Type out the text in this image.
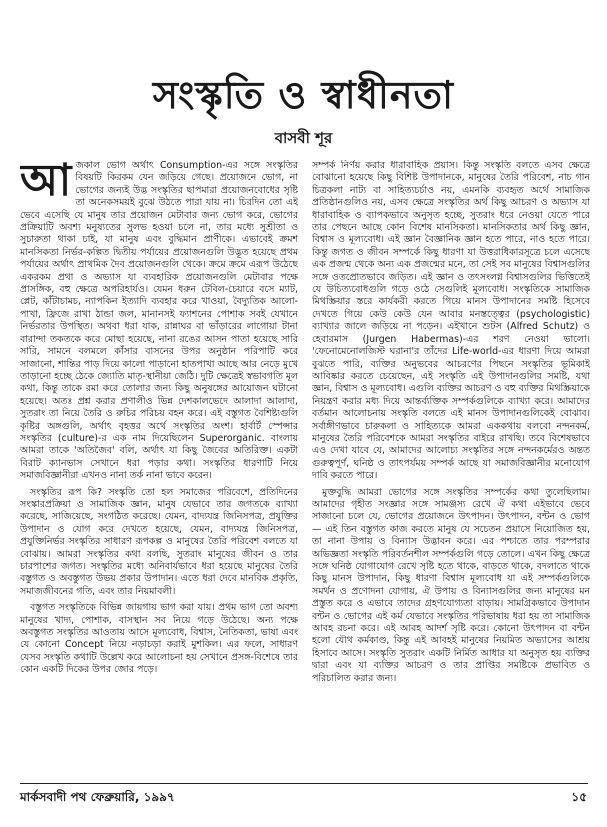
সংস্কৃতি ও স্বাধীনতা
বাসবী শূর

আ জকাল ভোগ অর্থাৎ Consumption-এর সঙ্গে সংস্কৃতির বিষয়টি কিরকম যেন জড়িয়ে গেছে। প্রয়োজনে ভোগ, না ভোগের জন্যই উদ্ভ সংস্কৃতির ছাপমারা প্রয়োজনবোধের সৃষ্টি তা অনেকসময়ই বুঝে উঠতে পারা যায় না। চিরদিন তো এই ভেবে এসেছি যে মানুষ তার প্রয়োজন মেটাবার জন্য ভোগ করে, ভোগের প্রক্রিয়াটি অবশ্য মনুষ্যতের সুলভ হওয়া চলে না, তার মধ্যে সুশ্রীতা ও সুচারুতা থাকা চাই, যা মানুষ এবং বুদ্ধিমান প্রাণীকে। এভাবেই ক্রমশ মানসিকতা নির্ভর-কল্পিত দ্বিতীয় পর্যায়ের প্রয়োজনগুলি উদ্ভূত হয়েছে প্রথম পর্যায়ের অর্থাৎ প্রাথমিক দৈব প্রয়োজনগুলি থেকে। ক্রমে ক্রমে এরূপ উঠেছে একরকম প্রথা ও অভ্যাস যা ব্যবহারিক প্রয়োজনগুলি মেটাবার পক্ষে প্রাসঙ্গিক, বহু ক্ষেত্রে অপরিহার্যও। যেমন ধরুন টেবিল-চেয়ারে বসে ম্যাট, প্লেট, কাঁটাচামচ, ন্যাপকিন ইত্যাদি ব্যবহার করে খাওয়া, বৈদ্যুতিক আলো-পাখা, ফ্রিজে রাখা ঠান্ডা জল, মানানসই ফ্যাশনের পোশাক সবই যেখানে নির্ভরতার উপস্থিত। অথবা ধরা যাক, রান্নাঘর বা ভাঁড়ারের লাগোয়া টানা বারান্দা তকতকে করে মোছা হয়েছে, নানা রঙের আসন পাতা হয়েছে সারি সারি, সামনে বলমলে কাঁসার বাসনের উপর অনুষ্ঠান পরিপাটি করে সাজানো, শান্তির পাড় দিয়ে কালো পাড়ানো হাতপাখা আছে আর নেড়ে মুখে তাড়ানো হচ্ছে ঠেকে জ্যোতি মাতৃ-স্থানীয়া জেঠি। দুটি ক্ষেত্রেই স্বভাবগতি মূল কথা, কিন্তু তাকে রমা করে তোলার জন্য কিছু অনুষঙ্গের আয়োজন ঘটানো হয়েছে। অতঃ প্রশ্ন করার প্রণালীও ভিন্ন দেশকালভেদে আলাদা আলাদা, সুতরাং তা নিয়ে তৈরি ও রুচির পরিচয় বহন করে। এই বস্তুগত বৈশিষ্ট্যগুলি কৃষ্টির অঙ্গগুলি, অর্থাৎ বৃহত্তর অর্থে সংস্কৃতির অংশ। হার্বার্ট স্পেন্সার সংস্কৃতির (culture)-র এক নাম দিয়েছিলেন Superorganic. বাংলায় আমরা তাকে 'অতিজৈব' বলি, অর্থাৎ যা কিছু জৈবের অতিরিক্ত। একটা বিরাট ক্যানভাস সেখানে ধরা পড়ার কথা। সংস্কৃতির ধারণাটি নিয়ে সমাজবিজ্ঞানীরা এখনও নানা তর্ক নানা ভাবে করেন।

সংস্কৃতির রূপ কি? সংস্কৃতি তো হল সমাজের পরিবেশে, প্রতিদিনের সংস্কারপ্রক্রিয়া ও সামাজিক জ্ঞান, মানুষ যেভাবে তার জগতকে ব্যাখ্যা করেছে, সাজিয়েছে, সংগঠিত করেছে। যেমন, বাদ্যযন্ত্র জিনিসপত্র, প্রযুক্তির উপাদান ও যোগ করে দেখতে হয়েছে, যেমন, বাদ্যযন্ত্র জিনিসপত্র, প্রযুক্তিনির্ভর সংস্কৃতির সাধারণ রূপকল্প ও মানুষের তৈরি পরিবেশ বলতে যা বোঝায়। আমরা সংস্কৃতির কথা বলছি, সুতরাং মানুষের জীবন ও তার চারপাশের জগত। সংস্কৃতির মধ্যে অনিবার্যভাবে ধরা হয়েছে মানুষের তৈরি বস্তুগত ও অবস্তুগত উভয় প্রকার উপাদান। এতে ধরা দেবে মানবিক প্রকৃতি, সমাজজীবনের গতি, এবং তার নিয়মাবলী।

বস্তুগত সংস্কৃতিকে বিভিন্ন জায়গায় ভাগ করা যায়। প্রথম ভাগ তো অবশ্য মানুষের খাদ্য, পোশাক, বাসস্থান সব নিয়ে গড়ে উঠেছে। অন্য পক্ষে অবস্তুগত সংস্কৃতির আওতায় আসে মূল্যবোধ, বিশ্বাস, নৈতিকতা, ভাষা এবং যে কোনো Concept নিয়ে নড়াচড়া করাই মুশকিল। এর ফলে, সাধারণ যেসব সংস্কৃতি কথাটি উল্লেখ করে আলোচনা হয় সেখানে প্রসঙ্গ-বিশেষে তার কোন একটি দিকের উপর জোর পড়ে।

সম্পর্ক নির্ণয় করার ধারাবাহিক প্রয়াস। কিন্তু সংস্কৃতি বলতে এসব ক্ষেত্রে বোঝানো হয়েছে কিছু বিশিষ্ট উপাদানকে, মানুষের তৈরি পরিবেশ, নাচ গান চিত্রকলা নাট্য বা সাহিত্যচর্চাও নয়, এমনকি ব্যবহৃত অর্থে সামাজিক প্রতিষ্ঠানগুলিও নয়, এসব ক্ষেত্রে সংস্কৃতির অর্থ কিছু আচরণ ও অভ্যাস যা ধারাবাহিক ও ব্যাপকভাবে অনুসৃত হচ্ছে, সুতরাং ধরে নেওয়া যেতে পারে তার পেছনে আছে কোন বিশেষ মানসিকতা। মানসিকতার অর্থ কিছু জ্ঞান, বিশ্বাস ও মূল্যবোধ। এই জ্ঞান বৈজ্ঞানিক জ্ঞান হতে পারে, নাও হতে পারে। কিন্তু জগত ও জীবন সম্পর্কে কিছু ধারণা যা উত্তরাধিকারসূত্রে চলে এসেছে এক প্রজন্ম থেকে অন্য এক প্রজন্মের মনে, তা সেই সব মানুষের বিশ্বাসগুলির সঙ্গে ওতপ্রোতভাবে জড়িত। এই জ্ঞান ও তৎসংলগ্ন বিশ্বাসগুলির ভিত্তিতেই যে উচিত্যবোধগুলি গড়ে ওঠে সেগুলিই মূল্যবোধ। সংস্কৃতিকে সামাজিক মিথস্ক্রিয়ার স্তরে কার্যকরী করতে গিয়ে মানস উপাদানের সমষ্টি হিসেবে দেখতে গিয়ে কেউ কেউ যেন আবার মনস্তত্ত্বের (psychologistic) ব্যাখ্যার জালে জড়িয়ে না পড়েন। এইখানে শুটস (Alfred Schutz) ও হেবারমাস (Jurgen Habermas)-এর শরণ নেওয়া ভালো। 'ফেনোমেনোলজিস্ট ঘরানা'র তাঁদের Life-world-এর ধারণা দিয়ে আমরা বুঝতে পারি, ব্যক্তির অনুভবের আচরণের পিছনে সংস্কৃতির ভূমিকাই আবিষ্কার করতে চেয়েছেন, এই সংস্কৃতি এই উপাদানগুলির সমষ্টি, যথা জ্ঞান, বিশ্বাস ও মূল্যবোধ। এগুলি ব্যক্তির আচরণ ও বহু ব্যক্তির মিথস্ক্রিয়াকে নিয়ন্ত্রণ করার মধ্য দিয়ে আন্তর্ব্যক্তিক সম্পর্কগুলিকে ব্যাখ্যা করে। আমাদের বর্তমান আলোচনায় সংস্কৃতি বলতে এই মানস উপাদানগুলিকেই বোঝাব। সর্বাঙ্গীণভাবে চারুকলা ও সাহিত্যকে আমরা এককথায় বলবো নন্দনকর্ম, মানুষের তৈরি পরিবেশকে আমরা সংস্কৃতির বাইরে রাখছি। তবে বিশেষভাবে এও দেখা যাবে যে, আমাদের আলোচ্য সংস্কৃতির সঙ্গে নন্দনকর্মেরও অন্তত গুরুত্বপূর্ণ, ঘনিষ্ঠ ও তাৎপর্যময় সম্পর্ক আছে যা সমাজবিজ্ঞানীর মনোযোগ দাবি করতে পারে।

মুক্তবুদ্ধি আমরা ভোগের সঙ্গে সংস্কৃতির সম্পর্কের কথা তুলেছিলাম। আমাদের গৃহীত সংজ্ঞার সঙ্গে সামঞ্জস্য রেখে ঐ কথা এইভাবে ভেবে সাজানো চলে যে, ভোগের প্রয়োজনে উৎপাদন। উৎপাদন, বন্টন ও ভোগ — এই তিন বস্তুগত কাজ করতে মানুষ যে সচেতন প্রয়াসে নিয়োজিত হয়, তা নানা উপায় ও বিন্যাস উদ্ভাবন করে। এর পশ্চাতে তার পরম্পরার অভিজ্ঞতা সংস্কৃতি পরিবর্তনশীল সম্পর্কগুলি গড়ে তোলে। এখন কিছু ক্ষেত্রে সঙ্গে ঘনিষ্ঠ যোগাযোগ রেখে সৃষ্টি হতে থাকে, বাড়তে থাকে, বদলাতে থাকে কিছু মানস উপাদান, কিছু ধারণা বিশ্বাস মূল্যবোধ যা এই সম্পর্কগুলিকে সমর্থন ও প্রণোদনা যোগায়, ঐ উপায় ও বিন্যাসগুলির জন্য মানুষের মন প্রস্তুত করে ও এভাবে তাদের গ্রহণযোগ্যতা বাড়ায়। সামগ্রিকভাবে উপাদান বন্টন ও ভোগের এই কর্ম যেভাবে সংস্কৃতির পরিভাষায় ধরা হয় তা সামাজিক আবহ রচনা করে। এই আবহ আদর্শ সৃষ্টি করে। কোনো উৎপাদন বা বন্টন হলো যৌথ কর্মকাণ্ড, কিন্তু এই আবহই মানুষের নিয়মিত অভ্যাসের আশ্রয় হিসাবে আসে। সংস্কৃতি সুতরাং একটি নির্মিত আধার যা অনুসৃত হয় ব্যক্তির দ্বারা এবং যা ব্যক্তির আচরণ ও তার প্রাপ্তির সমষ্টিকে প্রভাবিত ও পরিচালিত করার জন্য।

মার্কসবাদী পথ ফেব্রুয়ারি, ১৯৯৭	১৫
